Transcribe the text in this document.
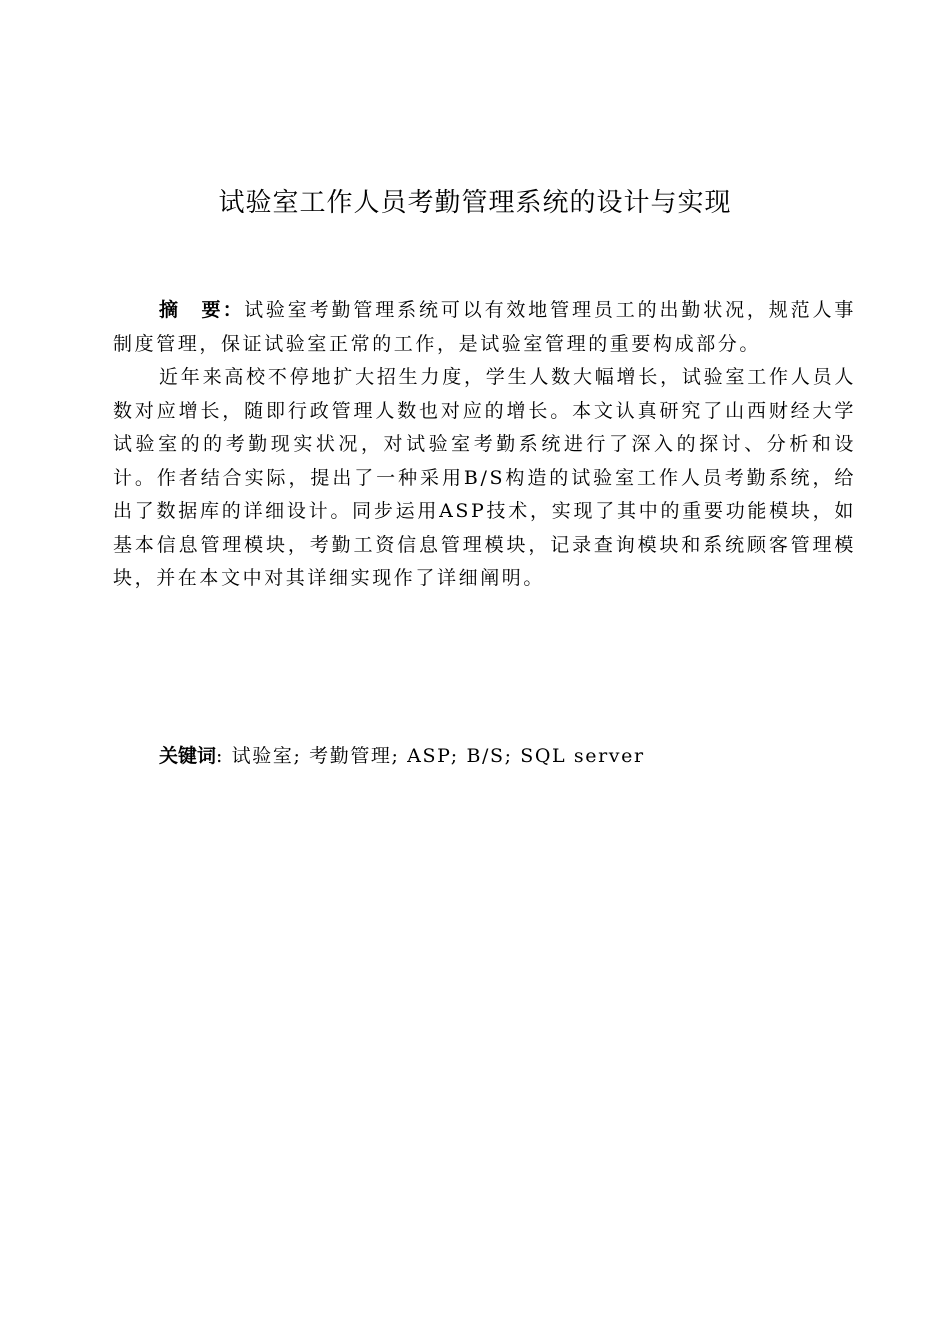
试验室工作人员考勤管理系统的设计与实现

摘　要：试验室考勤管理系统可以有效地管理员工的出勤状况，规范人事制度管理，保证试验室正常的工作，是试验室管理的重要构成部分。

近年来高校不停地扩大招生力度，学生人数大幅增长，试验室工作人员人数对应增长，随即行政管理人数也对应的增长。本文认真研究了山西财经大学试验室的的考勤现实状况，对试验室考勤系统进行了深入的探讨、分析和设计。作者结合实际，提出了一种采用B/S构造的试验室工作人员考勤系统，给出了数据库的详细设计。同步运用ASP技术，实现了其中的重要功能模块，如基本信息管理模块，考勤工资信息管理模块，记录查询模块和系统顾客管理模块，并在本文中对其详细实现作了详细阐明。

关键词: 试验室; 考勤管理; ASP; B/S; SQL server
